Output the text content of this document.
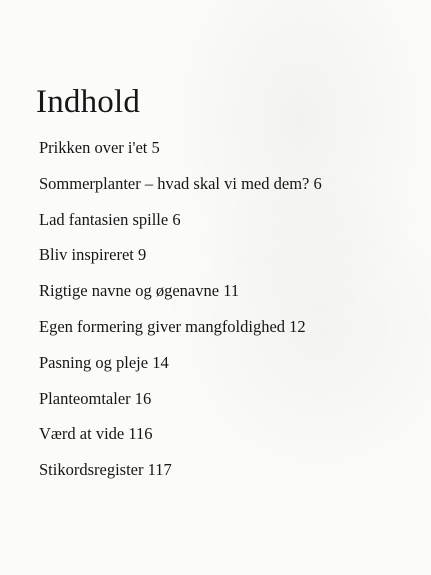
Indhold
Prikken over i'et 5
Sommerplanter – hvad skal vi med dem? 6
Lad fantasien spille 6
Bliv inspireret 9
Rigtige navne og øgenavne 11
Egen formering giver mangfoldighed 12
Pasning og pleje 14
Planteomtaler 16
Værd at vide 116
Stikordsregister 117
